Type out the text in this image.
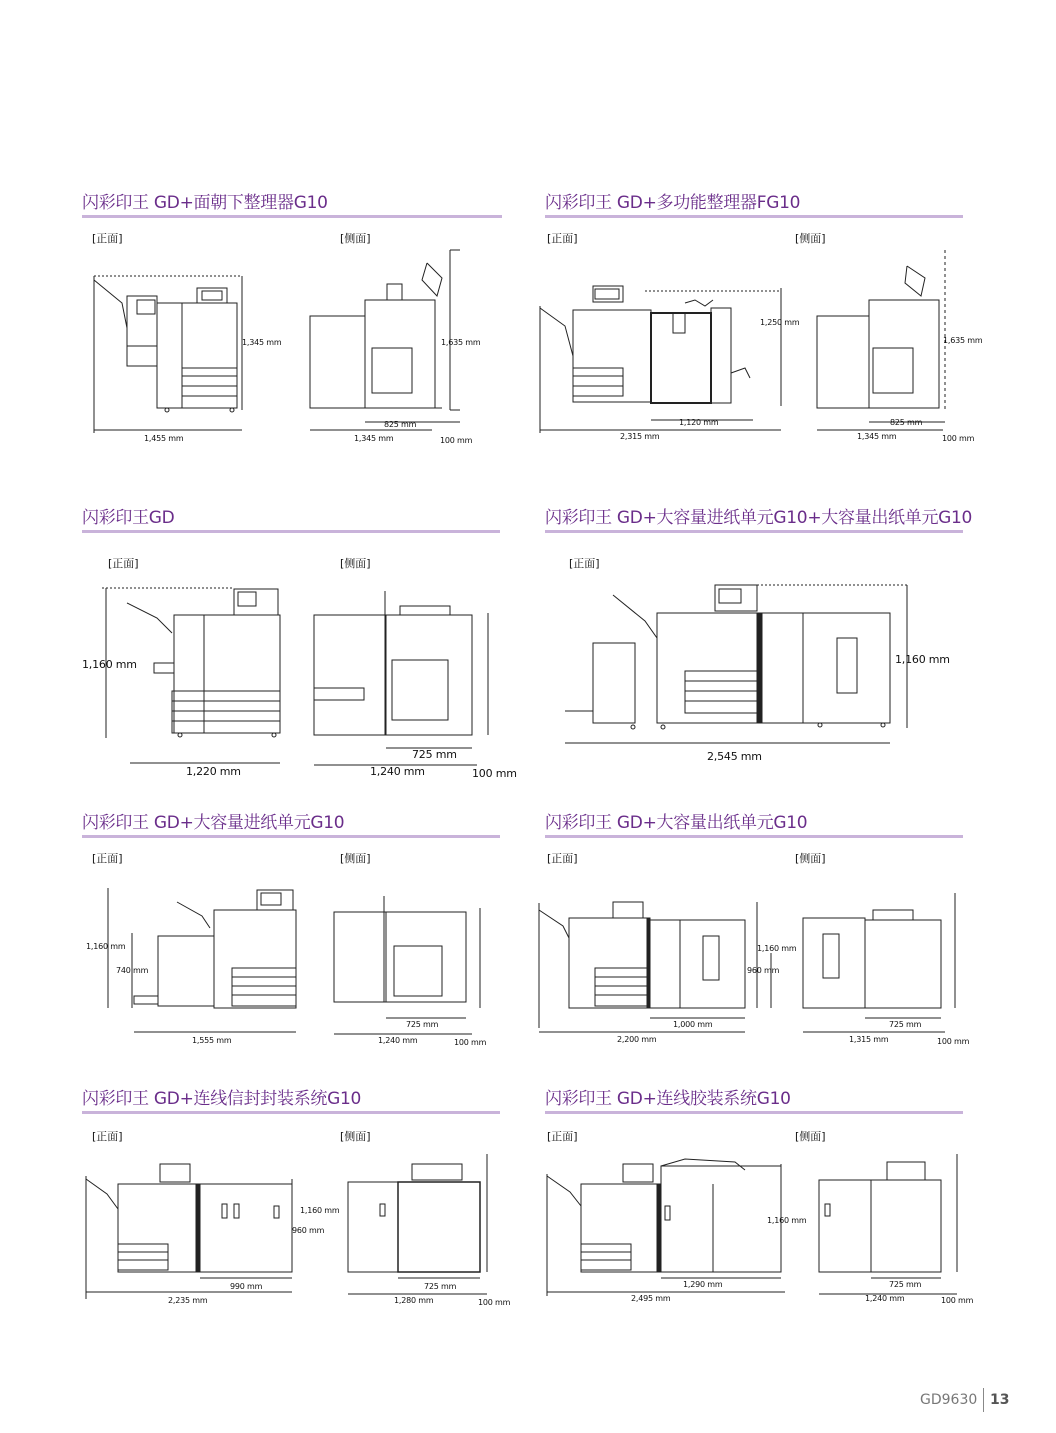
闪彩印王 GD+面朝下整理器G10
[正面]	[侧面]
1,345 mm
1,455 mm
1,635 mm
825 mm
1,345 mm	100 mm
闪彩印王 GD+多功能整理器FG10
[正面]	[侧面]
1,250 mm
1,120 mm
2,315 mm
1,635 mm
825 mm
1,345 mm	100 mm
闪彩印王GD
[正面]	[侧面]
1,160 mm
1,220 mm
725 mm
1,240 mm	100 mm
闪彩印王 GD+大容量进纸单元G10+大容量出纸单元G10
[正面]
1,160 mm
2,545 mm
闪彩印王 GD+大容量进纸单元G10
[正面]	[侧面]
1,160 mm
740 mm
1,555 mm
725 mm
1,240 mm	100 mm
闪彩印王 GD+大容量出纸单元G10
[正面]	[侧面]
1,160 mm
960 mm
1,000 mm
2,200 mm
725 mm
1,315 mm	100 mm
闪彩印王 GD+连线信封封装系统G10
[正面]	[侧面]
1,160 mm
960 mm
990 mm
2,235 mm
725 mm
1,280 mm	100 mm
闪彩印王 GD+连线胶装系统G10
[正面]	[侧面]
1,160 mm
1,290 mm
2,495 mm
725 mm
1,240 mm	100 mm
GD9630 13
